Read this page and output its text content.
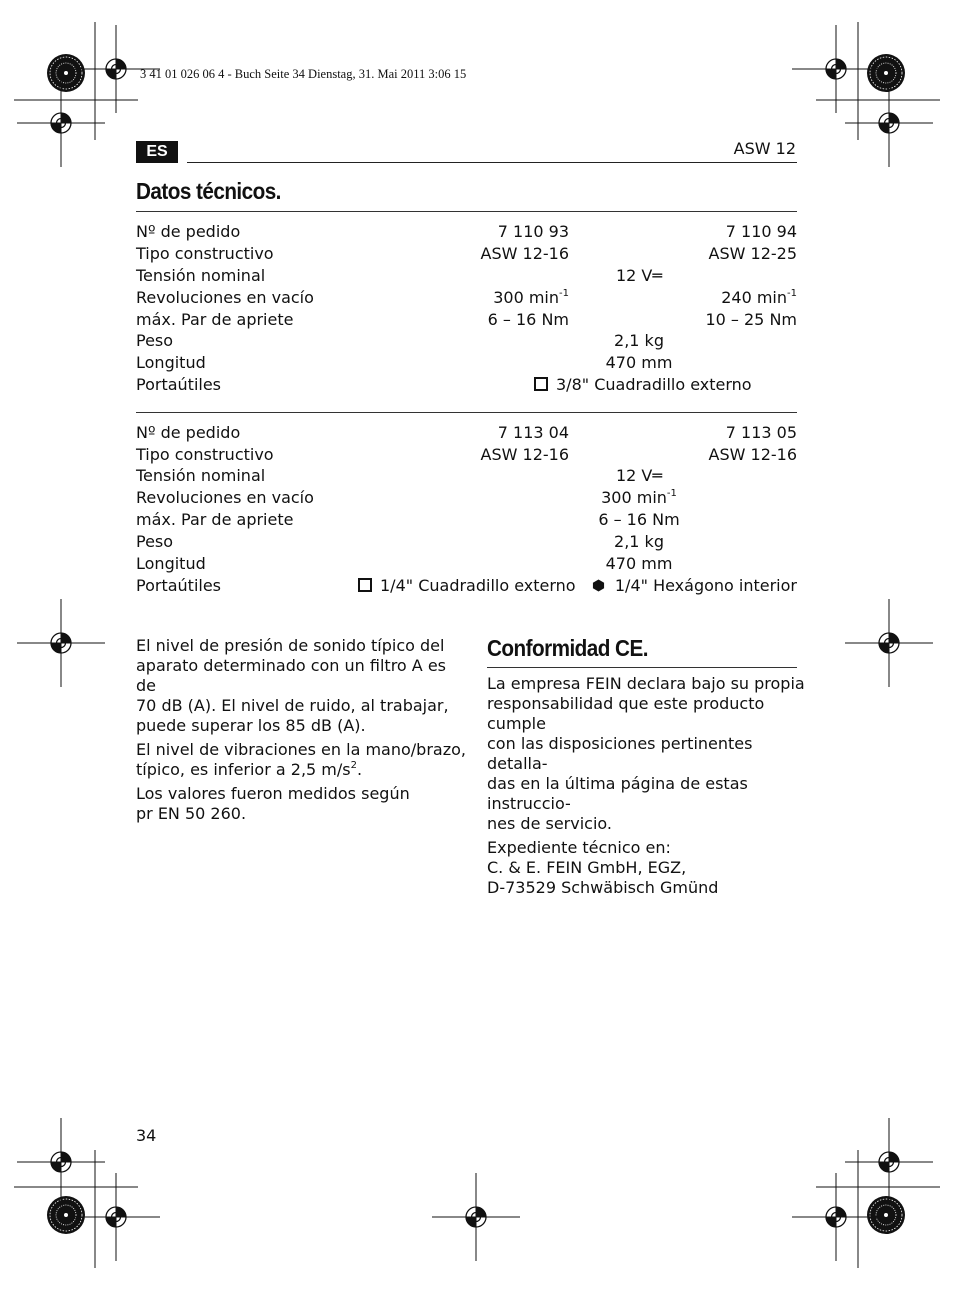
3 41 01 026 06 4 - Buch Seite 34 Dienstag, 31. Mai 2011 3:06 15
ES	ASW 12
Datos técnicos.
Nº de pedido	7 110 93	7 110 94
Tipo constructivo	ASW 12-16	ASW 12-25
Tensión nominal	12 V═
Revoluciones en vacío	300 $\min^{-1}$	240 $\min^{-1}$
máx. Par de apriete	6 – 16 Nm	10 – 25 Nm
Peso	2,1 kg
Longitud	470 mm
Portaútiles	3/8" Cuadradillo externo
Nº de pedido	7 113 04	7 113 05
Tipo constructivo	ASW 12-16	ASW 12-16
Tensión nominal	12 V═
Revoluciones en vacío	300 $\min^{-1}$
máx. Par de apriete	6 – 16 Nm
Peso	2,1 kg
Longitud	470 mm
Portaútiles	1/4" Cuadradillo externo	1/4" Hexágono interior

El nivel de presión de sonido típico del
aparato determinado con un filtro A es de
70 dB (A). El nivel de ruido, al trabajar,
puede superar los 85 dB (A).

El nivel de vibraciones en la mano/brazo,
típico, es inferior a 2,5 $m/s^2$.

Los valores fueron medidos según
pr EN 50 260.

Conformidad CE.

La empresa FEIN declara bajo su propia
responsabilidad que este producto cumple
con las disposiciones pertinentes detalla-
das en la última página de estas instruccio-
nes de servicio.

Expediente técnico en:
C. & E. FEIN GmbH, EGZ,
D-73529 Schwäbisch Gmünd

34
